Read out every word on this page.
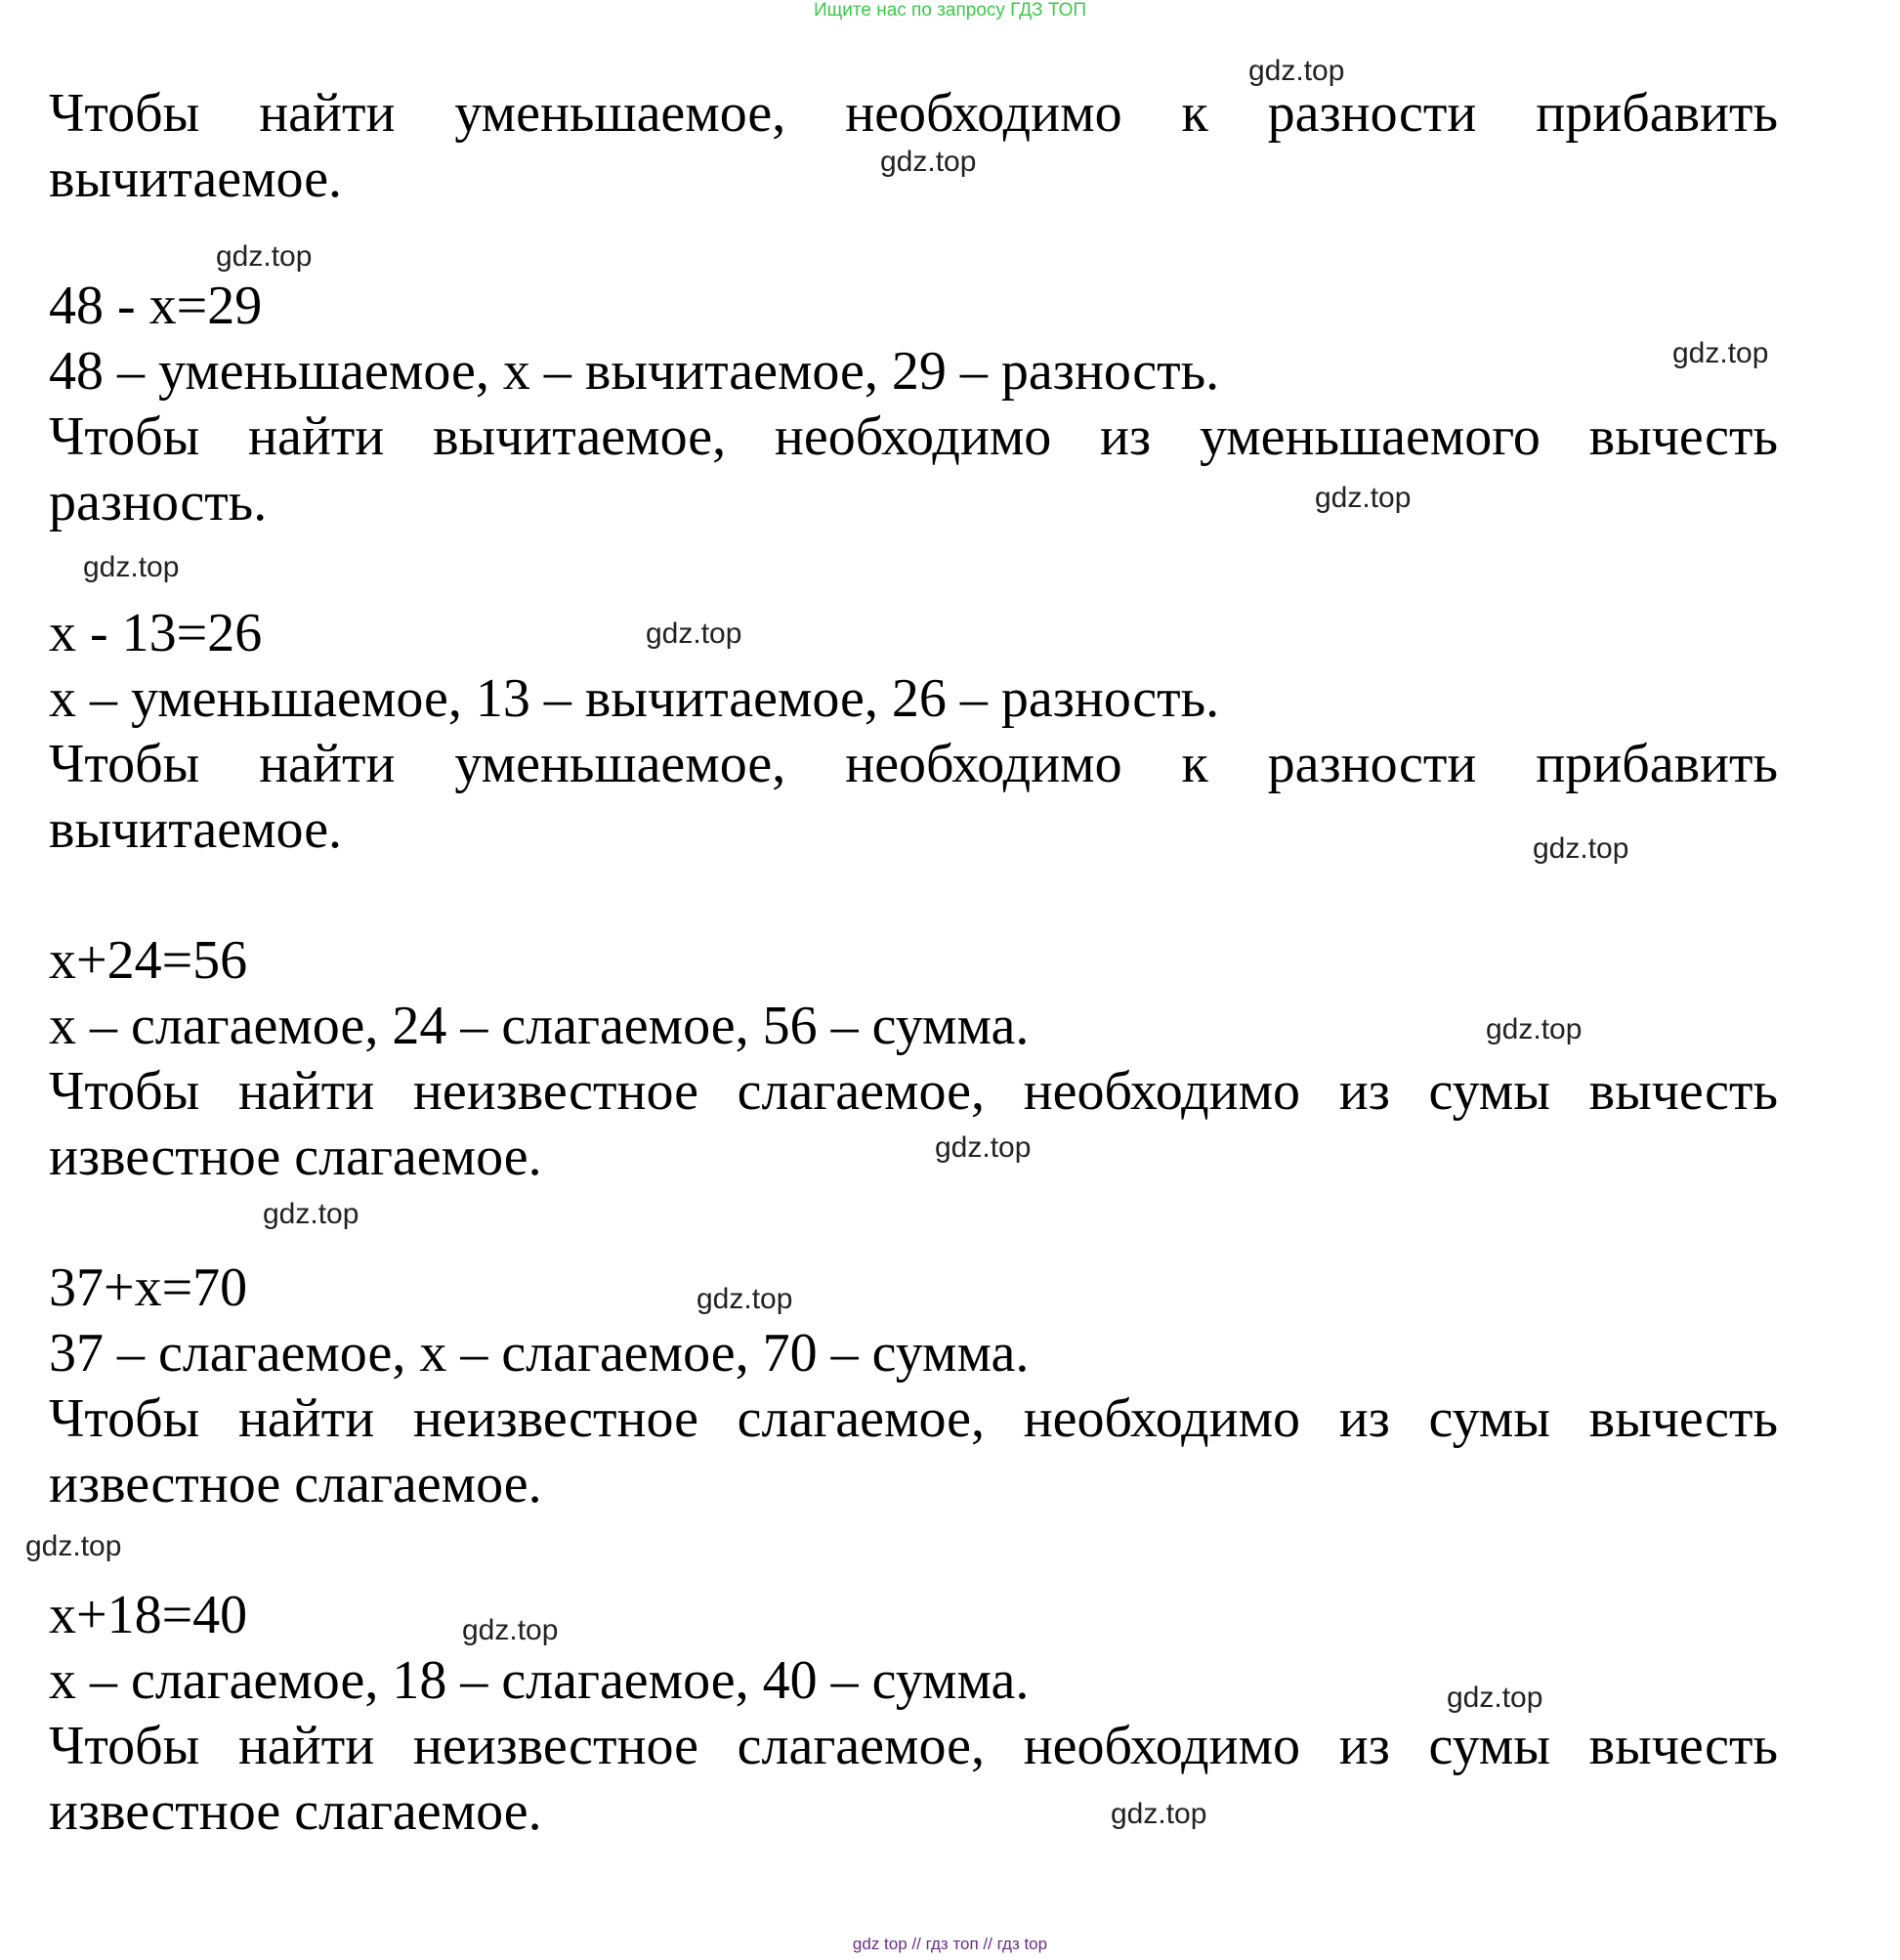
Ищите нас по запросу ГДЗ ТОП
Чтобы найти уменьшаемое, необходимо к разности прибавить
вычитаемое.
48 - x=29
48 – уменьшаемое, x – вычитаемое, 29 – разность.
Чтобы найти вычитаемое, необходимо из уменьшаемого вычесть
разность.
x - 13=26
x – уменьшаемое, 13 – вычитаемое, 26 – разность.
Чтобы найти уменьшаемое, необходимо к разности прибавить
вычитаемое.
x+24=56
x – слагаемое, 24 – слагаемое, 56 – сумма.
Чтобы найти неизвестное слагаемое, необходимо из сумы вычесть
известное слагаемое.
37+x=70
37 – слагаемое, x – слагаемое, 70 – сумма.
Чтобы найти неизвестное слагаемое, необходимо из сумы вычесть
известное слагаемое.
x+18=40
x – слагаемое, 18 – слагаемое, 40 – сумма.
Чтобы найти неизвестное слагаемое, необходимо из сумы вычесть
известное слагаемое.
gdz.top
gdz.top
gdz.top
gdz.top
gdz.top
gdz.top
gdz.top
gdz.top
gdz.top
gdz.top
gdz.top
gdz.top
gdz.top
gdz.top
gdz.top
gdz.top
gdz top // гдз топ // гдз top
